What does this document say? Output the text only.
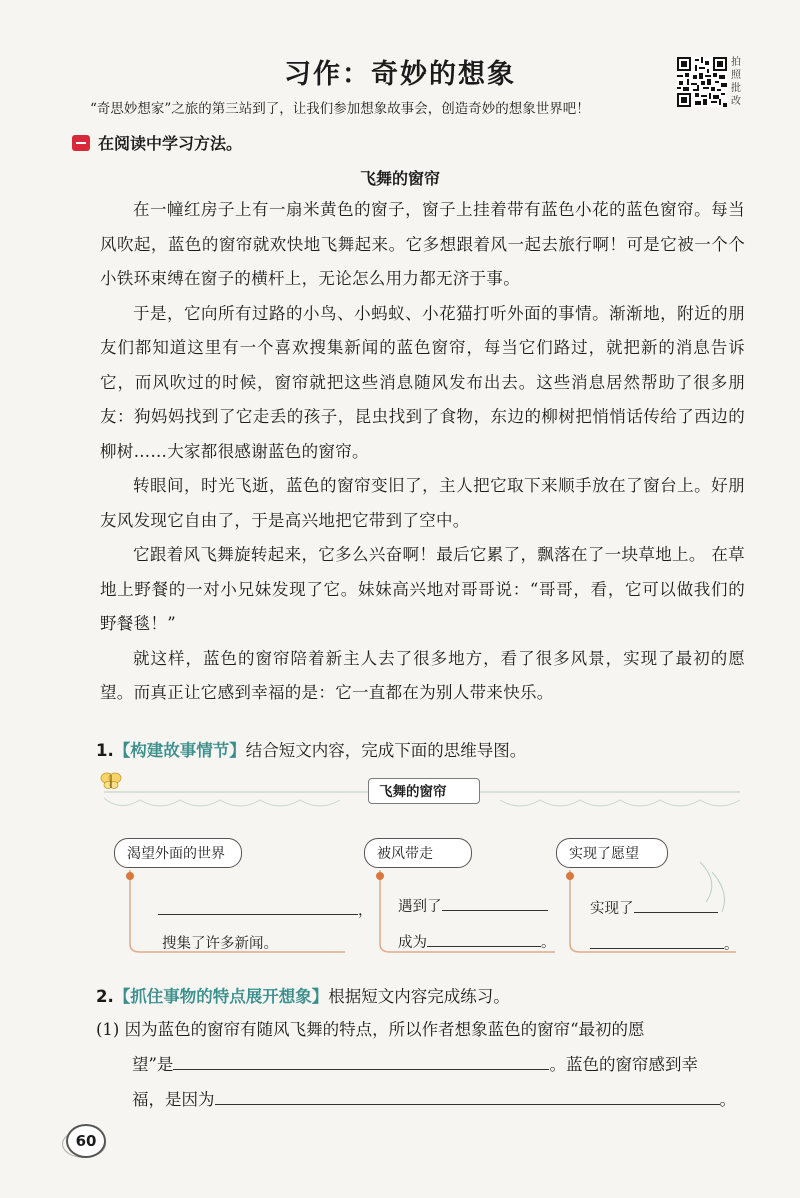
习作：奇妙的想象
“奇思妙想家”之旅的第三站到了，让我们参加想象故事会，创造奇妙的想象世界吧！
拍
照
批
改
在阅读中学习方法。
飞舞的窗帘

在一幢红房子上有一扇米黄色的窗子，窗子上挂着带有蓝色小花的蓝色窗帘。每当风吹起，蓝色的窗帘就欢快地飞舞起来。它多想跟着风一起去旅行啊！可是它被一个个小铁环束缚在窗子的横杆上，无论怎么用力都无济于事。

于是，它向所有过路的小鸟、小蚂蚁、小花猫打听外面的事情。渐渐地，附近的朋友们都知道这里有一个喜欢搜集新闻的蓝色窗帘，每当它们路过，就把新的消息告诉它，而风吹过的时候，窗帘就把这些消息随风发布出去。这些消息居然帮助了很多朋友：狗妈妈找到了它走丢的孩子，昆虫找到了食物，东边的柳树把悄悄话传给了西边的柳树……大家都很感谢蓝色的窗帘。

转眼间，时光飞逝，蓝色的窗帘变旧了，主人把它取下来顺手放在了窗台上。好朋友风发现它自由了，于是高兴地把它带到了空中。

它跟着风飞舞旋转起来，它多么兴奋啊！最后它累了，飘落在了一块草地上。 在草地上野餐的一对小兄妹发现了它。妹妹高兴地对哥哥说：“哥哥，看，它可以做我们的野餐毯！”

就这样，蓝色的窗帘陪着新主人去了很多地方，看了很多风景，实现了最初的愿望。而真正让它感到幸福的是：它一直都在为别人带来快乐。

1.【构建故事情节】结合短文内容，完成下面的思维导图。
飞舞的窗帘
渴望外面的世界	被风带走	实现了愿望
，
搜集了许多新闻。
遇到了
成为	。
实现了
。
2.【抓住事物的特点展开想象】根据短文内容完成练习。
(1) 因为蓝色的窗帘有随风飞舞的特点，所以作者想象蓝色的窗帘“最初的愿
望”是	。蓝色的窗帘感到幸
福，是因为	。
60
